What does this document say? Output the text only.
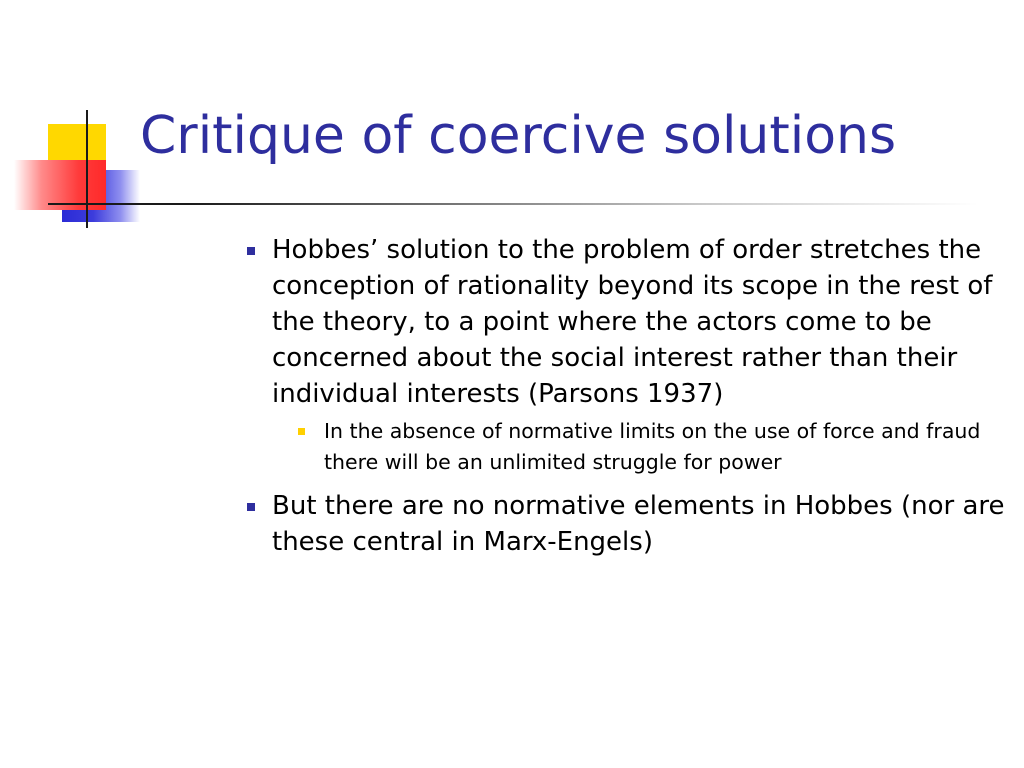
Critique of coercive solutions
Hobbes’ solution to the problem of order stretches the conception of rationality beyond its scope in the rest of the theory, to a point where the actors come to be concerned about the social interest rather than their individual interests (Parsons 1937)
In the absence of normative limits on the use of force and fraud there will be an unlimited struggle for power
But there are no normative elements in Hobbes (nor are these central in Marx-Engels)
